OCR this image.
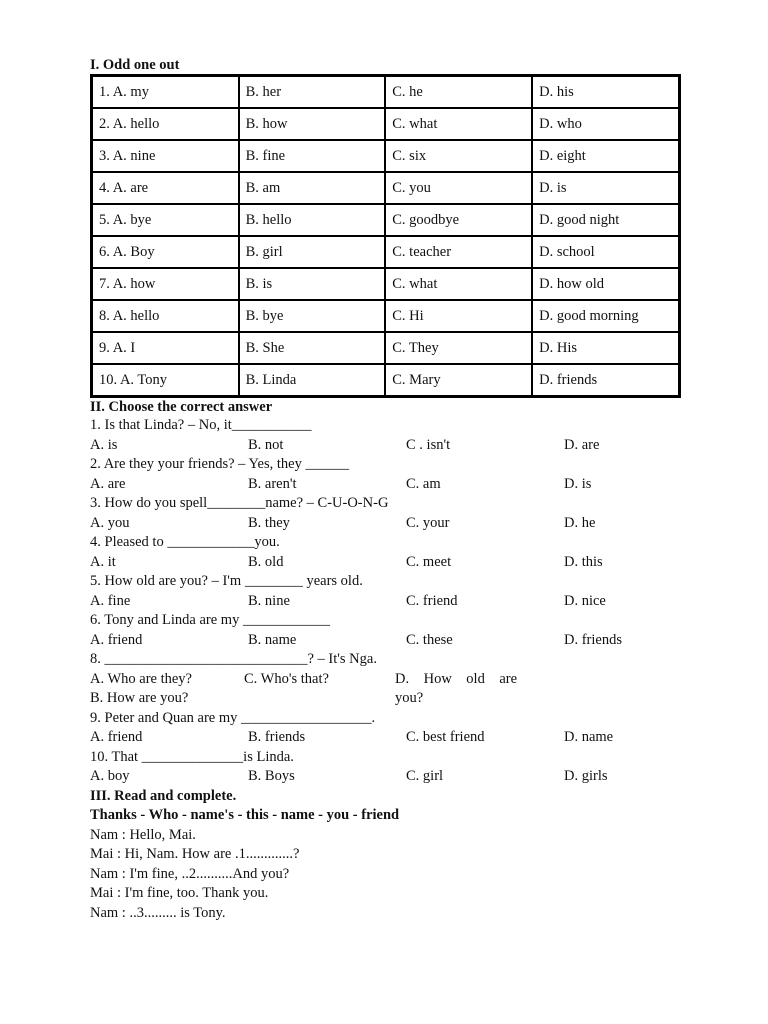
I. Odd one out
1. A. my	B. her	C. he	D. his
2. A. hello	B. how	C. what	D. who
3. A. nine	B. fine	C. six	D. eight
4. A. are	B. am	C. you	D. is
5. A. bye	B. hello	C. goodbye	D. good night
6. A. Boy	B. girl	C. teacher	D. school
7. A. how	B. is	C. what	D. how old
8. A. hello	B. bye	C. Hi	D. good morning
9. A. I	B. She	C. They	D. His
10. A. Tony	B. Linda	C. Mary	D. friends
II. Choose the correct answer
1. Is that Linda? – No, it___________
A. is	B. not	C . isn't	D. are
2. Are they your friends? – Yes, they ______
A. are	B. aren't	C. am	D. is
3. How do you spell________name? – C-U-O-N-G
A. you	B. they	C. your	D. he
4. Pleased to ____________you.
A. it	B. old	C. meet	D. this
5. How old are you? – I'm ________ years old.
A. fine	B. nine	C. friend	D. nice
6. Tony and Linda are my ____________
A. friend	B. name	C. these	D. friends
8. ____________________________? – It's Nga.
A. Who are they?	C. Who's that?	D.    How    old    are
B. How are you?	you?
9. Peter and Quan are my __________________.
A. friend	B. friends	C. best friend	D. name
10. That ______________is Linda.
A. boy	B. Boys	C. girl	D. girls
III. Read and complete.
Thanks - Who - name's - this - name - you - friend
Nam : Hello, Mai.
Mai : Hi, Nam. How are .1.............?
Nam : I'm fine, ..2..........And you?
Mai : I'm fine, too. Thank you.
Nam : ..3......... is Tony.
